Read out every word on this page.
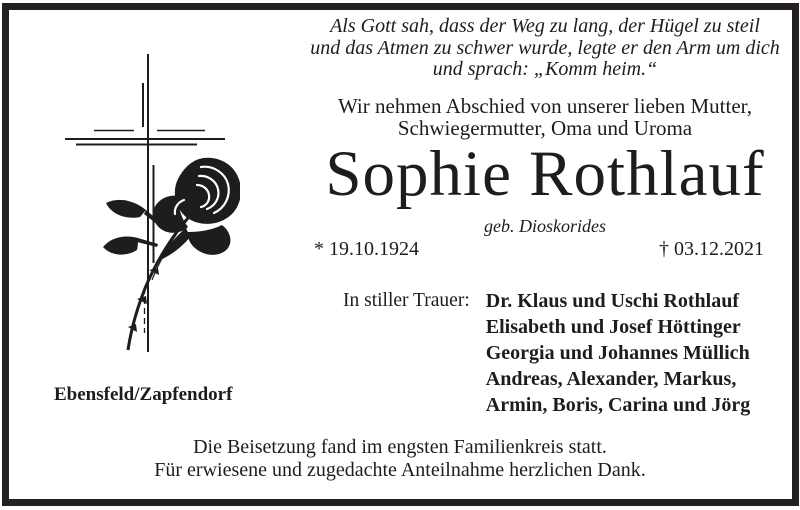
Als Gott sah, dass der Weg zu lang, der Hügel zu steil
und das Atmen zu schwer wurde, legte er den Arm um dich
und sprach: „Komm heim.“
Wir nehmen Abschied von unserer lieben Mutter,
Schwiegermutter, Oma und Uroma
Sophie Rothlauf
geb. Dioskorides
* 19.10.1924	† 03.12.2021
In stiller Trauer: Dr. Klaus und Uschi Rothlauf
Elisabeth und Josef Höttinger
Georgia und Johannes Müllich
Andreas, Alexander, Markus,
Armin, Boris, Carina und Jörg
Ebensfeld/Zapfendorf
Die Beisetzung fand im engsten Familienkreis statt.
Für erwiesene und zugedachte Anteilnahme herzlichen Dank.
